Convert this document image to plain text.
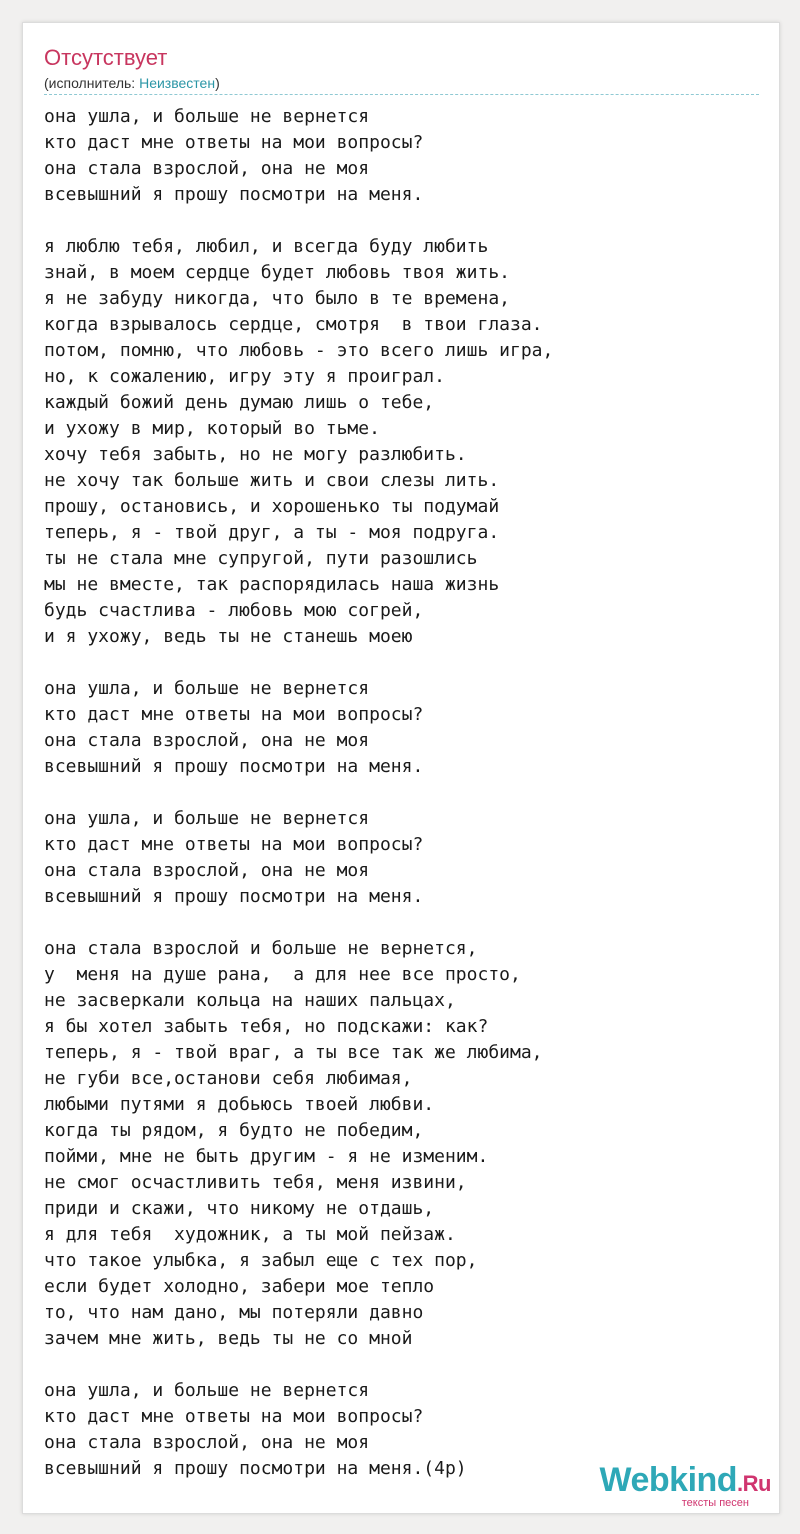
Отсутствует
(исполнитель: Неизвестен)
она ушла, и больше не вернется
кто даст мне ответы на мои вопросы?
она стала взрослой, она не моя
всевышний я прошу посмотри на меня.

я люблю тебя, любил, и всегда буду любить
знай, в моем сердце будет любовь твоя жить.
я не забуду никогда, что было в те времена,
когда взрывалось сердце, смотря  в твои глаза.
потом, помню, что любовь - это всего лишь игра,
но, к сожалению, игру эту я проиграл.
каждый божий день думаю лишь о тебе,
и ухожу в мир, который во тьме.
хочу тебя забыть, но не могу разлюбить.
не хочу так больше жить и свои слезы лить.
прошу, остановись, и хорошенько ты подумай
теперь, я - твой друг, а ты - моя подруга.
ты не стала мне супругой, пути разошлись
мы не вместе, так распорядилась наша жизнь
будь счастлива - любовь мою согрей,
и я ухожу, ведь ты не станешь моею

она ушла, и больше не вернется
кто даст мне ответы на мои вопросы?
она стала взрослой, она не моя
всевышний я прошу посмотри на меня.

она ушла, и больше не вернется
кто даст мне ответы на мои вопросы?
она стала взрослой, она не моя
всевышний я прошу посмотри на меня.

она стала взрослой и больше не вернется,
у  меня на душе рана,  а для нее все просто,
не засверкали кольца на наших пальцах,
я бы хотел забыть тебя, но подскажи: как?
теперь, я - твой враг, а ты все так же любима,
не губи все,останови себя любимая,
любыми путями я добьюсь твоей любви.
когда ты рядом, я будто не победим,
пойми, мне не быть другим - я не изменим.
не смог осчастливить тебя, меня извини,
приди и скажи, что никому не отдашь,
я для тебя  художник, а ты мой пейзаж.
что такое улыбка, я забыл еще с тех пор,
если будет холодно, забери мое тепло
то, что нам дано, мы потеряли давно
зачем мне жить, ведь ты не со мной

она ушла, и больше не вернется
кто даст мне ответы на мои вопросы?
она стала взрослой, она не моя
всевышний я прошу посмотри на меня.(4р)	Webkind.Ru
тексты песен
